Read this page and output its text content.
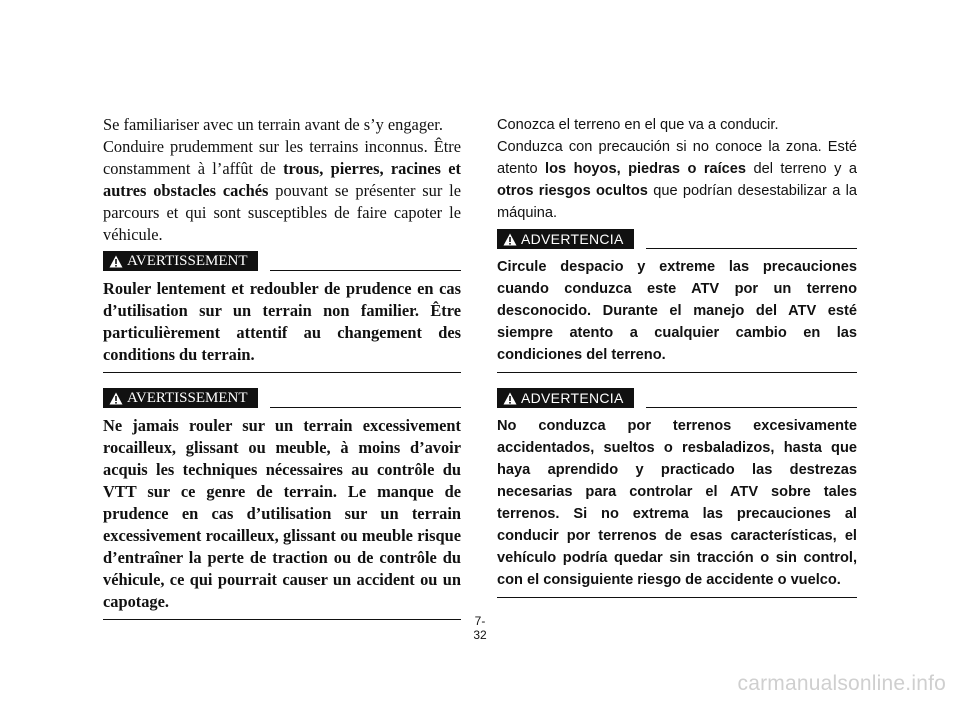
Se familiariser avec un terrain avant de s’y engager.

Conduire prudemment sur les terrains inconnus. Être constamment à l’affût de trous, pierres, racines et autres obstacles cachés pouvant se présenter sur le parcours et qui sont susceptibles de faire capoter le véhicule.

AVERTISSEMENT

Rouler lentement et redoubler de prudence en cas d’utilisation sur un terrain non familier. Être particulièrement attentif au changement des conditions du terrain.

AVERTISSEMENT

Ne jamais rouler sur un terrain excessivement rocailleux, glissant ou meuble, à moins d’avoir acquis les techniques nécessaires au contrôle du VTT sur ce genre de terrain. Le manque de prudence en cas d’utilisation sur un terrain excessivement rocailleux, glissant ou meuble risque d’entraîner la perte de traction ou de contrôle du véhicule, ce qui pourrait causer un accident ou un capotage.

Conozca el terreno en el que va a conducir.

Conduzca con precaución si no conoce la zona. Esté atento los hoyos, piedras o raíces del terreno y a otros riesgos ocultos que podrían desestabilizar a la máquina.

ADVERTENCIA

Circule despacio y extreme las precauciones cuando conduzca este ATV por un terreno desconocido. Durante el manejo del ATV esté siempre atento a cualquier cambio en las condiciones del terreno.

ADVERTENCIA

No conduzca por terrenos excesivamente accidentados, sueltos o resbaladizos, hasta que haya aprendido y practicado las destrezas necesarias para controlar el ATV sobre tales terrenos. Si no extrema las precauciones al conducir por terrenos de esas características, el vehículo podría quedar sin tracción o sin control, con el consiguiente riesgo de accidente o vuelco.

7-32
carmanualsonline.info
